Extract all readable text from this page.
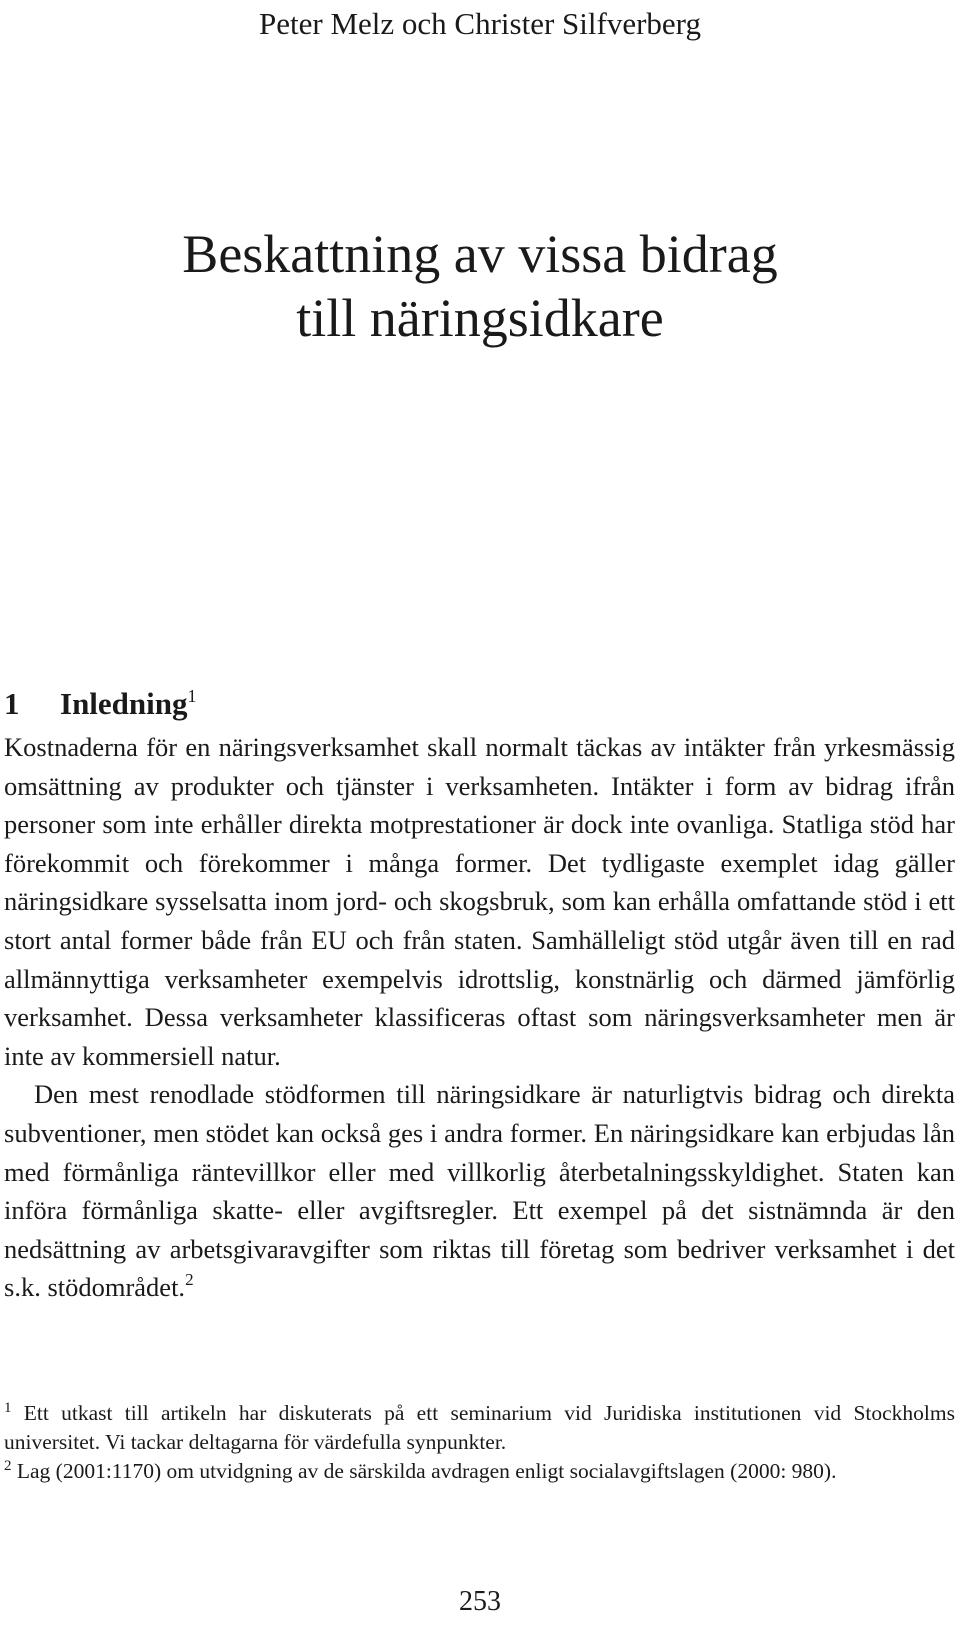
Peter Melz och Christer Silfverberg
Beskattning av vissa bidrag
till näringsidkare
1 Inledning$^1$

Kostnaderna för en näringsverksamhet skall normalt täckas av intäkter från yrkesmässig omsättning av produkter och tjänster i verksamheten. Intäkter i form av bidrag ifrån personer som inte erhåller direkta motprestationer är dock inte ovanliga. Statliga stöd har förekommit och förekommer i många former. Det tydligaste exemplet idag gäller näringsidkare sysselsatta inom jord- och skogsbruk, som kan erhålla omfattande stöd i ett stort antal former både från EU och från staten. Samhälleligt stöd utgår även till en rad allmännyttiga verksamheter exempelvis idrottslig, konstnärlig och därmed jämförlig verksamhet. Dessa verksamheter klassificeras oftast som näringsverksamheter men är inte av kommersiell natur.

Den mest renodlade stödformen till näringsidkare är naturligtvis bidrag och direkta subventioner, men stödet kan också ges i andra former. En näringsidkare kan erbjudas lån med förmånliga räntevillkor eller med villkorlig återbetalningsskyldighet. Staten kan införa förmånliga skatte- eller avgiftsregler. Ett exempel på det sistnämnda är den nedsättning av arbetsgivaravgifter som riktas till företag som bedriver verksamhet i det s.k. stödområdet.$^2$

$^1$ Ett utkast till artikeln har diskuterats på ett seminarium vid Juridiska institutionen vid Stockholms universitet. Vi tackar deltagarna för värdefulla synpunkter.

$^2$ Lag (2001:1170) om utvidgning av de särskilda avdragen enligt socialavgiftslagen (2000: 980).

253
